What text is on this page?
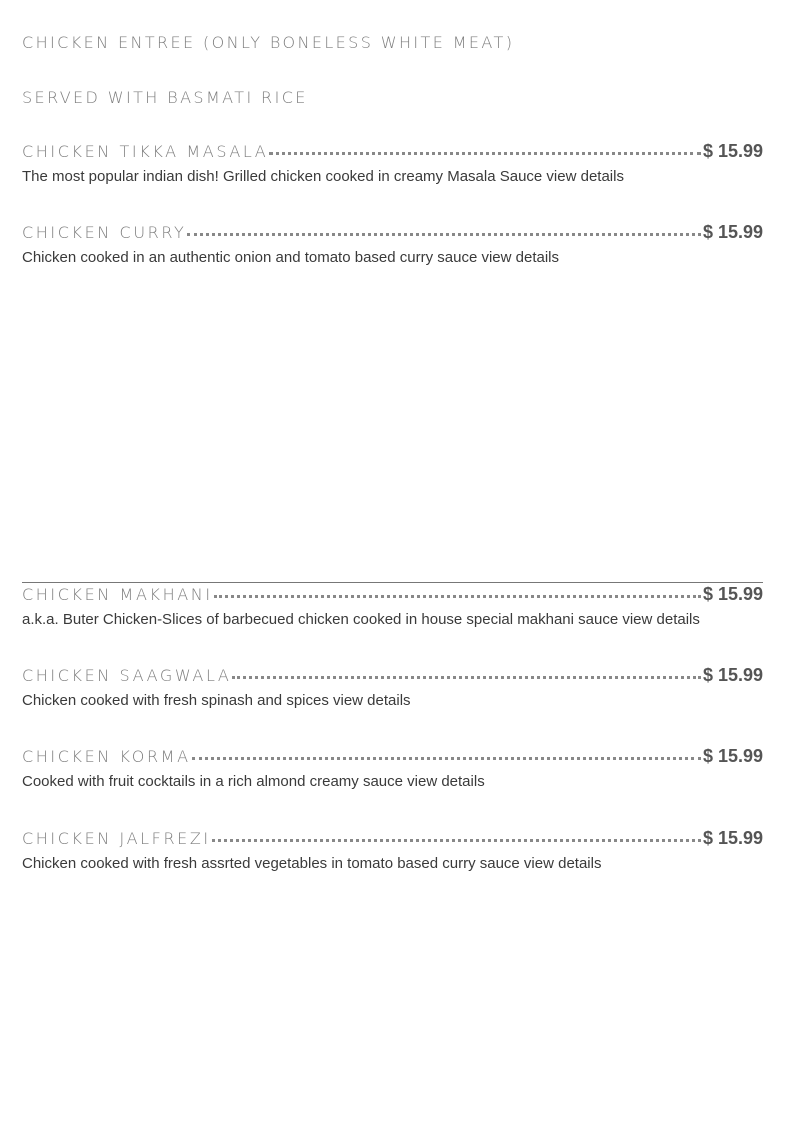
CHICKEN ENTREE (ONLY BONELESS WHITE MEAT)
SERVED WITH BASMATI RICE
CHICKEN TIKKA MASALA	$ 15.99
The most popular indian dish! Grilled chicken cooked in creamy Masala Sauce view details
CHICKEN CURRY	$ 15.99
Chicken cooked in an authentic onion and tomato based curry sauce view details
CHICKEN MAKHANI	$ 15.99
a.k.a. Buter Chicken-Slices of barbecued chicken cooked in house special makhani sauce view details
CHICKEN SAAGWALA	$ 15.99
Chicken cooked with fresh spinash and spices view details
CHICKEN KORMA	$ 15.99
Cooked with fruit cocktails in a rich almond creamy sauce view details
CHICKEN JALFREZI	$ 15.99
Chicken cooked with fresh assrted vegetables in tomato based curry sauce view details
